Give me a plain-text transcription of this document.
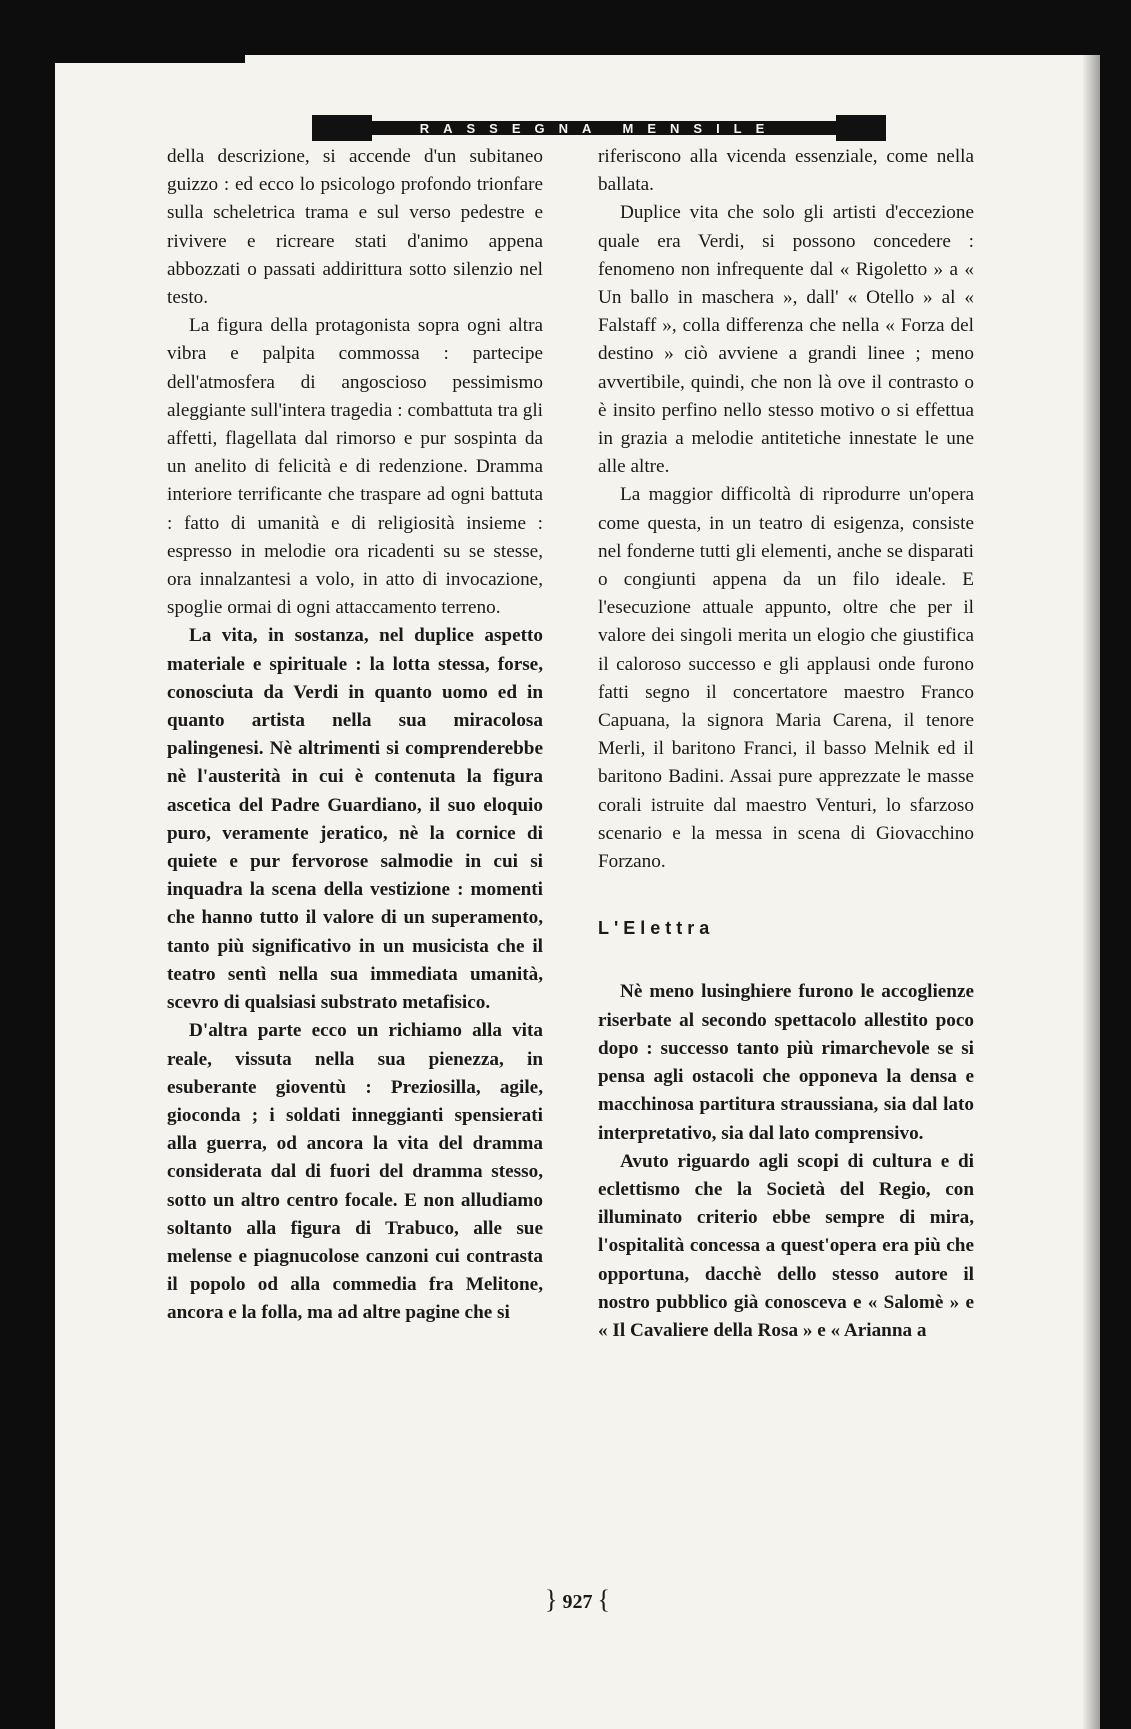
RASSEGNA MENSILE

della descrizione, si accende d'un subitaneo guizzo : ed ecco lo psicologo profondo trionfare sulla scheletrica trama e sul verso pedestre e rivivere e ricreare stati d'animo appena abbozzati o passati addirittura sotto silenzio nel testo.

La figura della protagonista sopra ogni altra vibra e palpita commossa : partecipe dell'atmosfera di angoscioso pessimismo aleggiante sull'intera tragedia : combattuta tra gli affetti, flagellata dal rimorso e pur sospinta da un anelito di felicità e di redenzione. Dramma interiore terrificante che traspare ad ogni battuta : fatto di umanità e di religiosità insieme : espresso in melodie ora ricadenti su se stesse, ora innalzantesi a volo, in atto di invocazione, spoglie ormai di ogni attaccamento terreno.

La vita, in sostanza, nel duplice aspetto materiale e spirituale : la lotta stessa, forse, conosciuta da Verdi in quanto uomo ed in quanto artista nella sua miracolosa palingenesi. Nè altrimenti si comprenderebbe nè l'austerità in cui è contenuta la figura ascetica del Padre Guardiano, il suo eloquio puro, veramente jeratico, nè la cornice di quiete e pur fervorose salmodie in cui si inquadra la scena della vestizione : momenti che hanno tutto il valore di un superamento, tanto più significativo in un musicista che il teatro sentì nella sua immediata umanità, scevro di qualsiasi substrato metafisico.

D'altra parte ecco un richiamo alla vita reale, vissuta nella sua pienezza, in esuberante gioventù : Preziosilla, agile, gioconda ; i soldati inneggianti spensierati alla guerra, od ancora la vita del dramma considerata dal di fuori del dramma stesso, sotto un altro centro focale. E non alludiamo soltanto alla figura di Trabuco, alle sue melense e piagnucolose canzoni cui contrasta il popolo od alla commedia fra Melitone, ancora e la folla, ma ad altre pagine che si

riferiscono alla vicenda essenziale, come nella ballata.

Duplice vita che solo gli artisti d'eccezione quale era Verdi, si possono concedere : fenomeno non infrequente dal « Rigoletto » a « Un ballo in maschera », dall' « Otello » al « Falstaff », colla differenza che nella « Forza del destino » ciò avviene a grandi linee ; meno avvertibile, quindi, che non là ove il contrasto o è insito perfino nello stesso motivo o si effettua in grazia a melodie antitetiche innestate le une alle altre.

La maggior difficoltà di riprodurre un'opera come questa, in un teatro di esigenza, consiste nel fonderne tutti gli elementi, anche se disparati o congiunti appena da un filo ideale. E l'esecuzione attuale appunto, oltre che per il valore dei singoli merita un elogio che giustifica il caloroso successo e gli applausi onde furono fatti segno il concertatore maestro Franco Capuana, la signora Maria Carena, il tenore Merli, il baritono Franci, il basso Melnik ed il baritono Badini. Assai pure apprezzate le masse corali istruite dal maestro Venturi, lo sfarzoso scenario e la messa in scena di Giovacchino Forzano.

L'Elettra

Nè meno lusinghiere furono le accoglienze riserbate al secondo spettacolo allestito poco dopo : successo tanto più rimarchevole se si pensa agli ostacoli che opponeva la densa e macchinosa partitura straussiana, sia dal lato interpretativo, sia dal lato comprensivo.

Avuto riguardo agli scopi di cultura e di eclettismo che la Società del Regio, con illuminato criterio ebbe sempre di mira, l'ospitalità concessa a quest'opera era più che opportuna, dacchè dello stesso autore il nostro pubblico già conosceva e « Salomè » e « Il Cavaliere della Rosa » e « Arianna a

} 927 {
